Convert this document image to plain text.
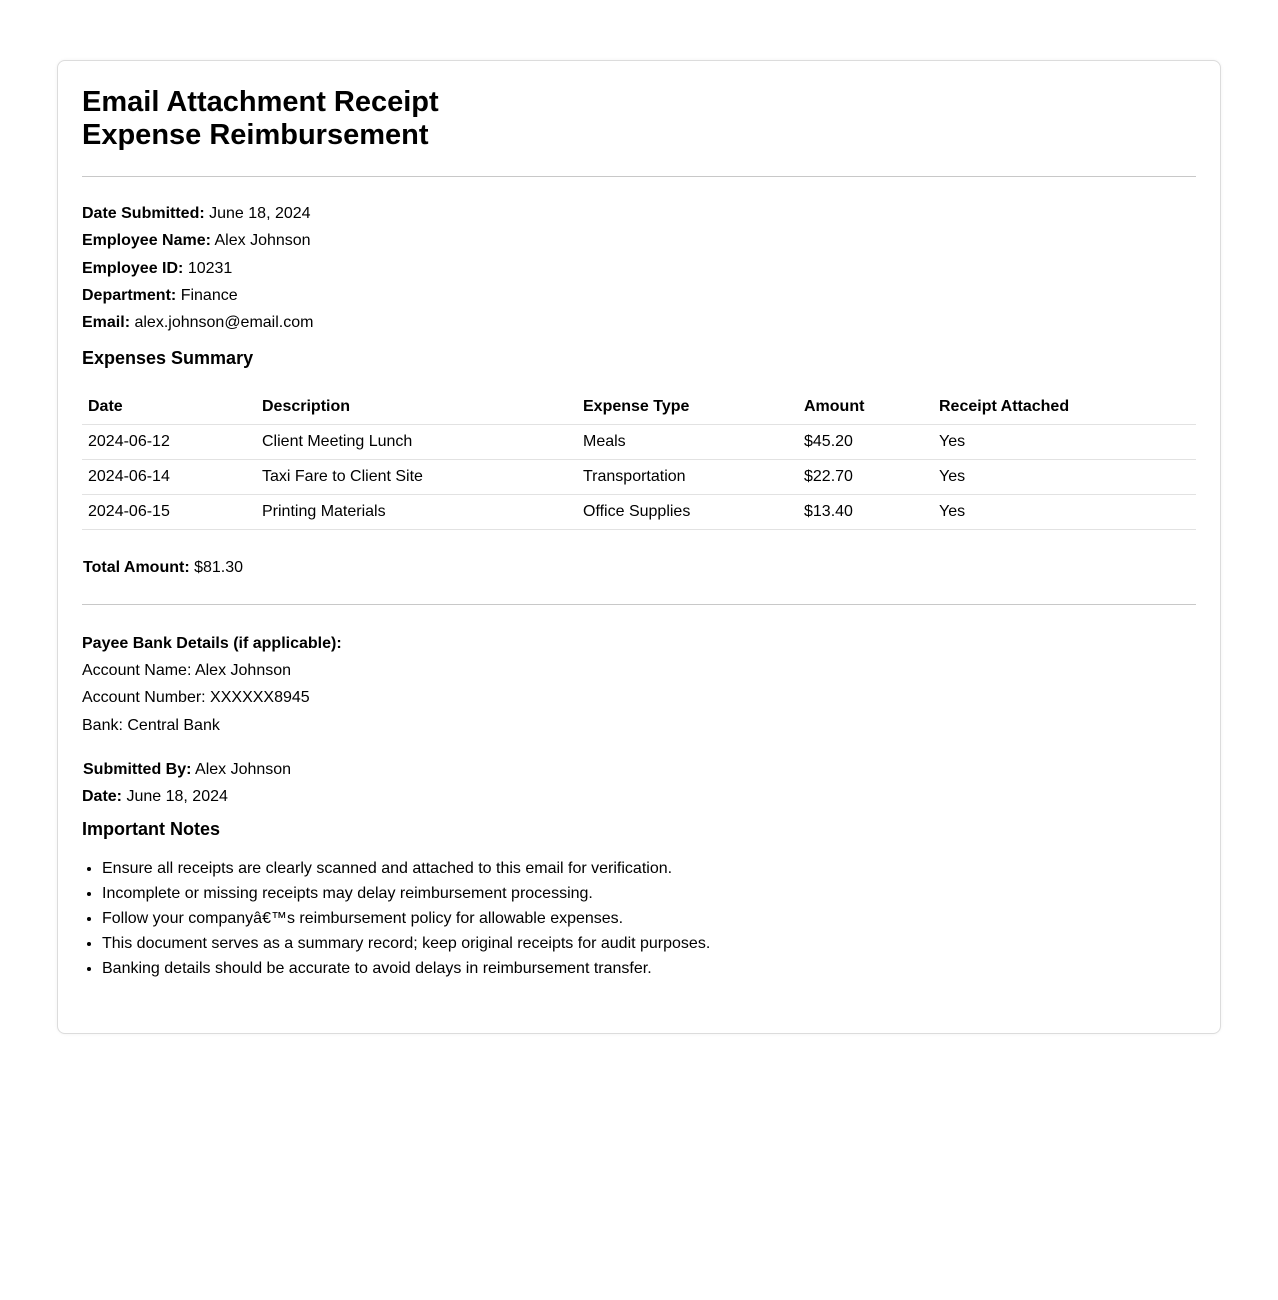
Email Attachment Receipt
Expense Reimbursement
Date Submitted: June 18, 2024
Employee Name: Alex Johnson
Employee ID: 10231
Department: Finance
Email: alex.johnson@email.com
Expenses Summary
Date	Description	Expense Type	Amount	Receipt Attached
2024-06-12	Client Meeting Lunch	Meals	$45.20	Yes
2024-06-14	Taxi Fare to Client Site	Transportation	$22.70	Yes
2024-06-15	Printing Materials	Office Supplies	$13.40	Yes
Total Amount: $81.30
Payee Bank Details (if applicable):
Account Name: Alex Johnson
Account Number: XXXXXX8945
Bank: Central Bank
Submitted By: Alex Johnson
Date: June 18, 2024
Important Notes
• Ensure all receipts are clearly scanned and attached to this email for verification.
• Incomplete or missing receipts may delay reimbursement processing.
• Follow your companyâ€™s reimbursement policy for allowable expenses.
• This document serves as a summary record; keep original receipts for audit purposes.
• Banking details should be accurate to avoid delays in reimbursement transfer.
